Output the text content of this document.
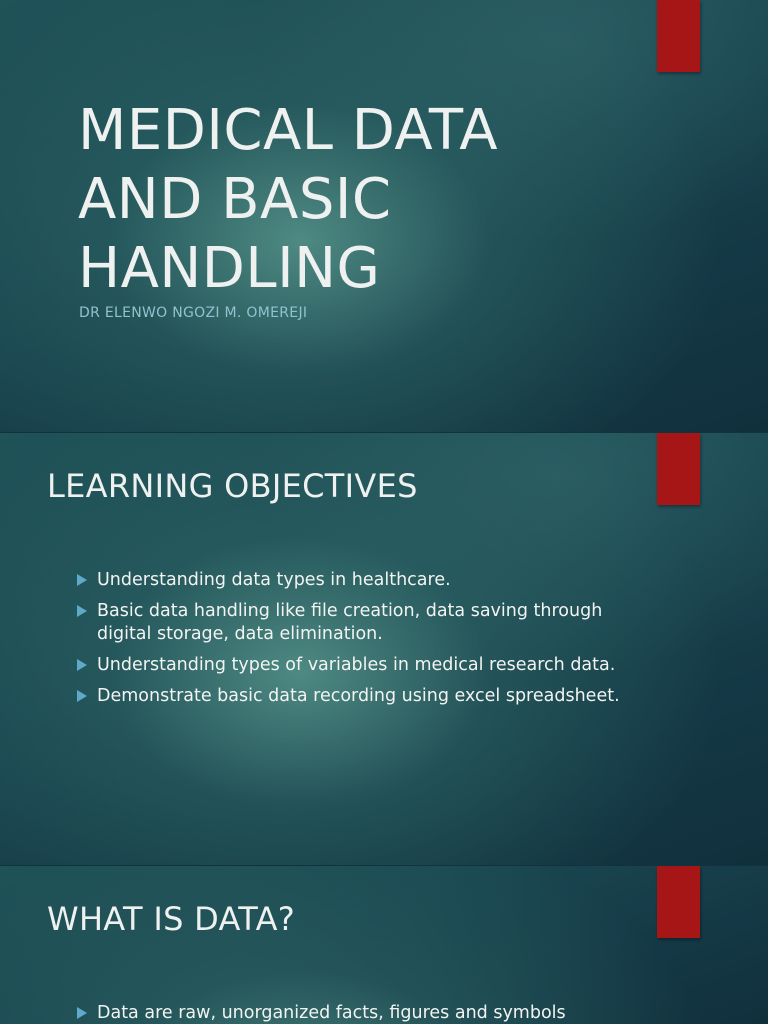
MEDICAL DATA AND BASIC HANDLING

DR ELENWO NGOZI M. OMEREJI

LEARNING OBJECTIVES
Understanding data types in healthcare.
Basic data handling like file creation, data saving through digital storage, data elimination.
Understanding types of variables in medical research data.
Demonstrate basic data recording using excel spreadsheet.
WHAT IS DATA?
Data are raw, unorganized facts, figures and symbols
